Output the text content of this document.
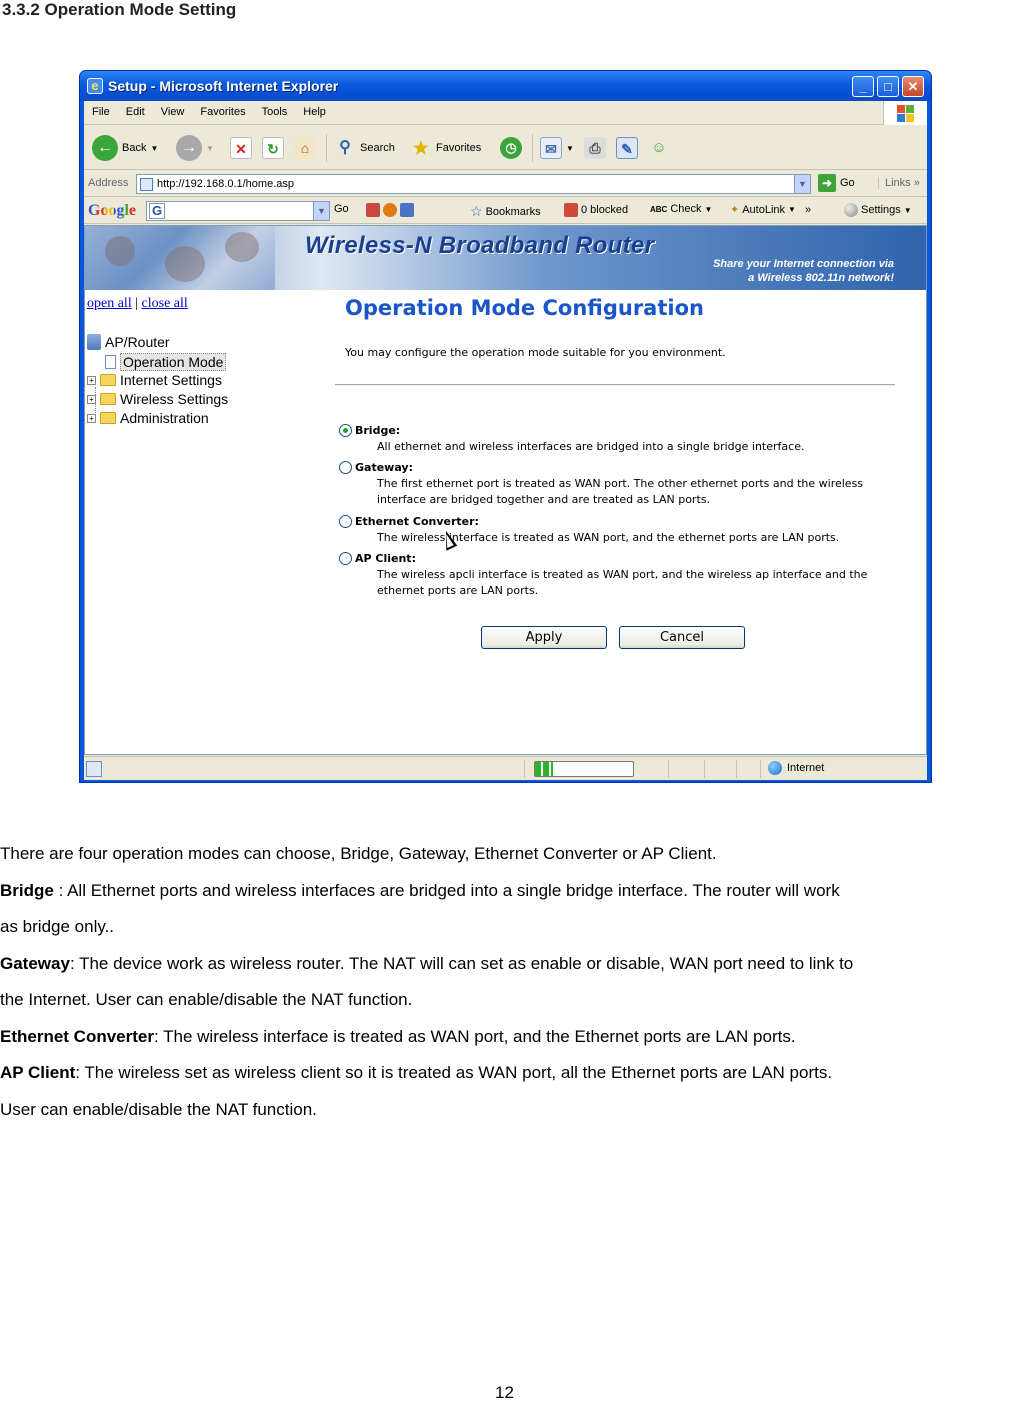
3.3.2 Operation Mode Setting
e Setup - Microsoft Internet Explorer	_	□	✕
File Edit View Favorites Tools Help
← Back ▼	→	▼	✕	↻	⌂	⚲ Search ★ Favorites	◷	✉	▼	⎙	✎	☺
Address	http://192.168.0.1/home.asp	▼	➜ Go	Links »
Google G	▼ Go	☆ Bookmarks	0 blocked	ABC Check ▼ ✦ AutoLink ▼ »	Settings ▼
Wireless-N Broadband Router
Share your Internet connection via
a Wireless 802.11n network!
open all | close all
AP/Router
Operation Mode
+ Internet Settings
+ Wireless Settings
+ Administration
Operation Mode Configuration
You may configure the operation mode suitable for you environment.
Bridge:
All ethernet and wireless interfaces are bridged into a single bridge interface.
Gateway:
The first ethernet port is treated as WAN port. The other ethernet ports and the wireless interface are bridged together and are treated as LAN ports.
Ethernet Converter:
The wireless interface is treated as WAN port, and the ethernet ports are LAN ports.
AP Client:
The wireless apcli interface is treated as WAN port, and the wireless ap interface and the ethernet ports are LAN ports.
Apply	Cancel
Internet

There are four operation modes can choose, Bridge, Gateway, Ethernet Converter or AP Client.

Bridge : All Ethernet ports and wireless interfaces are bridged into a single bridge interface. The router will work

as bridge only..

Gateway: The device work as wireless router. The NAT will can set as enable or disable, WAN port need to link to

the Internet. User can enable/disable the NAT function.

Ethernet Converter: The wireless interface is treated as WAN port, and the Ethernet ports are LAN ports.

AP Client: The wireless set as wireless client so it is treated as WAN port, all the Ethernet ports are LAN ports.

User can enable/disable the NAT function.

12
